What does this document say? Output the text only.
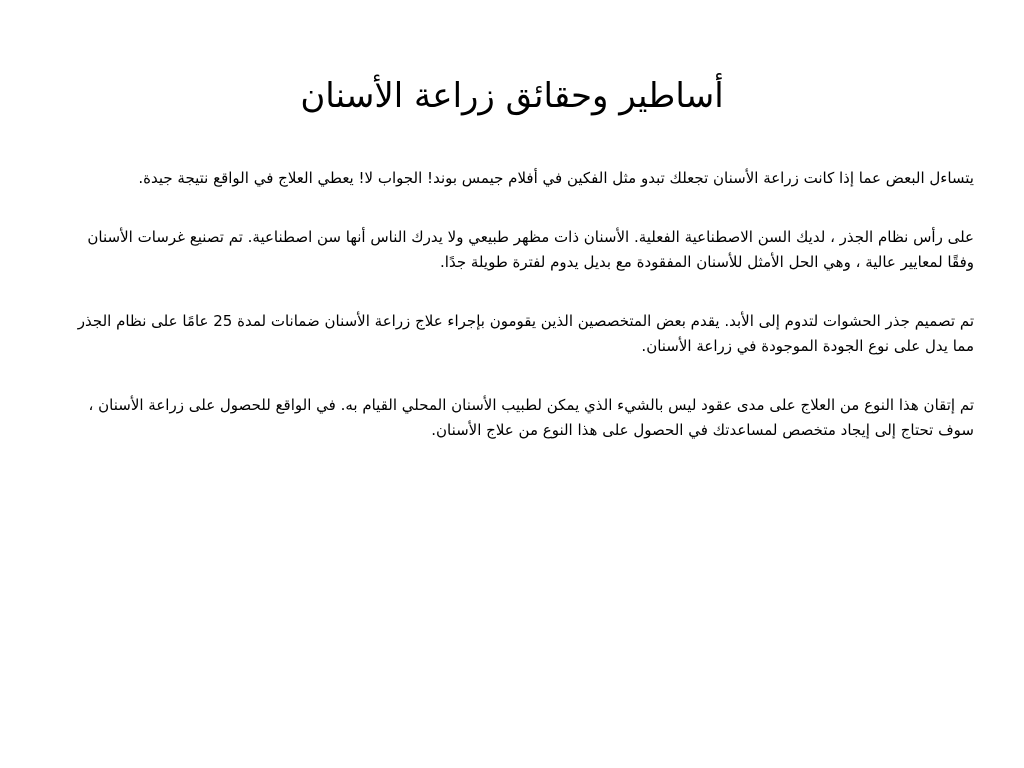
أساطير وحقائق زراعة الأسنان

يتساءل البعض عما إذا كانت زراعة الأسنان تجعلك تبدو مثل الفكين في أفلام جيمس بوند! الجواب لا! يعطي العلاج في الواقع نتيجة جيدة.

على رأس نظام الجذر ، لديك السن الاصطناعية الفعلية. الأسنان ذات مظهر طبيعي ولا يدرك الناس أنها سن اصطناعية. تم تصنيع غرسات الأسنان وفقًا لمعايير عالية ، وهي الحل الأمثل للأسنان المفقودة مع بديل يدوم لفترة طويلة جدًا.

تم تصميم جذر الحشوات لتدوم إلى الأبد. يقدم بعض المتخصصين الذين يقومون بإجراء علاج زراعة الأسنان ضمانات لمدة 25 عامًا على نظام الجذر مما يدل على نوع الجودة الموجودة في زراعة الأسنان.

تم إتقان هذا النوع من العلاج على مدى عقود ليس بالشيء الذي يمكن لطبيب الأسنان المحلي القيام به. في الواقع للحصول على زراعة الأسنان ، سوف تحتاج إلى إيجاد متخصص لمساعدتك في الحصول على هذا النوع من علاج الأسنان.
